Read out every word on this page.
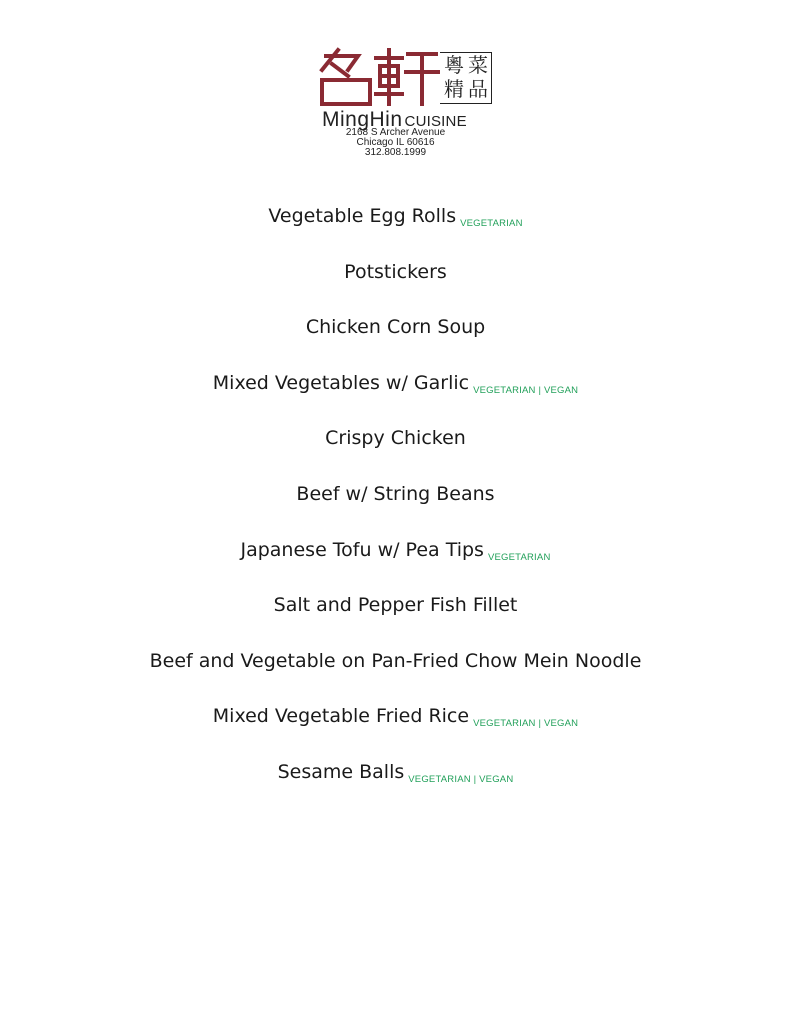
粵 菜
精 品
MingHin CUISINE
2168 S Archer Avenue
Chicago IL 60616
312.808.1999
Vegetable Egg Rolls $_{VEGETARIAN}$
Potstickers
Chicken Corn Soup
Mixed Vegetables w/ Garlic $_{VEGETARIAN | VEGAN}$
Crispy Chicken
Beef w/ String Beans
Japanese Tofu w/ Pea Tips $_{VEGETARIAN}$
Salt and Pepper Fish Fillet
Beef and Vegetable on Pan-Fried Chow Mein Noodle
Mixed Vegetable Fried Rice $_{VEGETARIAN | VEGAN}$
Sesame Balls $_{VEGETARIAN | VEGAN}$
